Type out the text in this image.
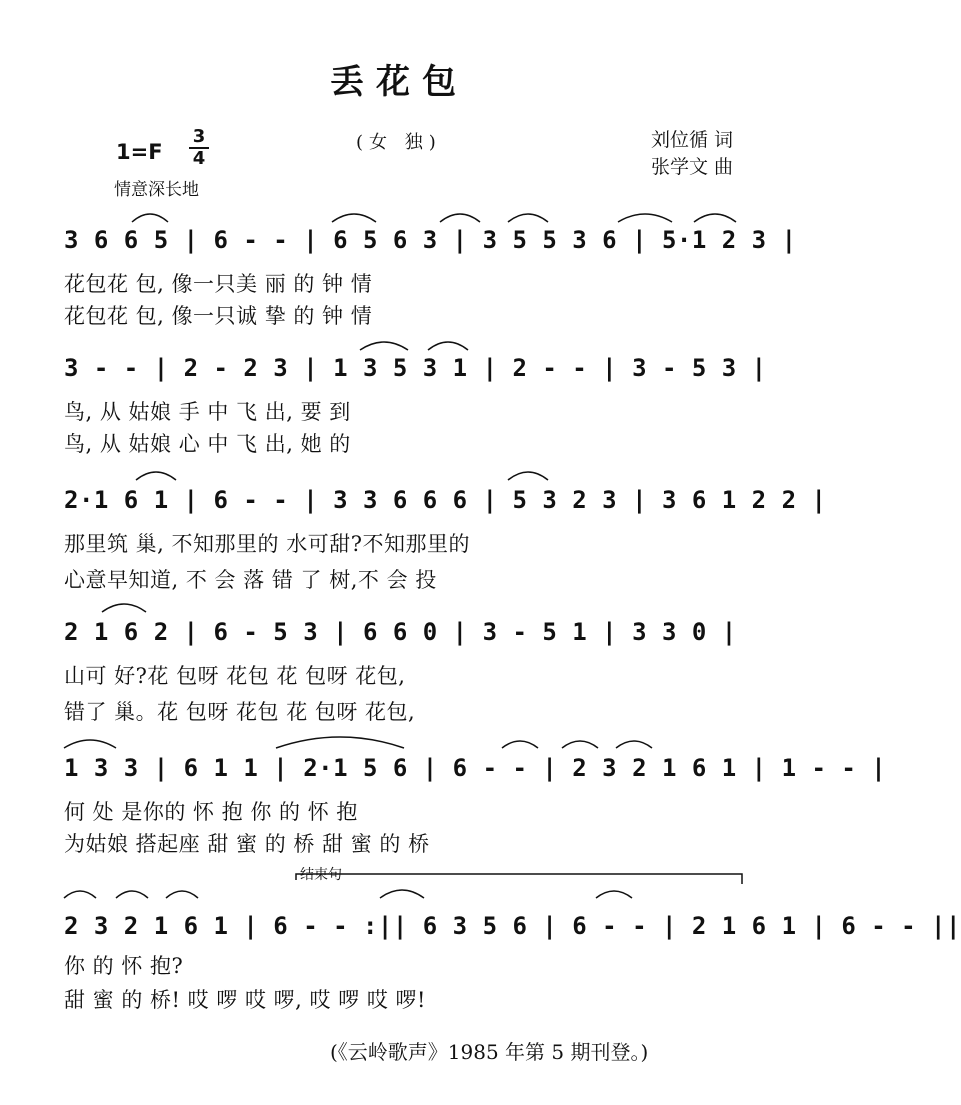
丢花包
(女 独)	刘位循 词
张学文 曲
1=F
3
4
情意深长地
3 6 6 5 | 6 - - | 6 5 6 3 | 3 5 5 3 6 | 5·1 2 3 |
花包花 包, 像一只美 丽 的 钟 情
花包花 包, 像一只诚 挚 的 钟 情
3 - - | 2 - 2 3 | 1 3 5 3 1 | 2 - - | 3 - 5 3 |
鸟, 从 姑娘 手 中 飞 出, 要 到
鸟, 从 姑娘 心 中 飞 出, 她 的
2·1 6 1 | 6 - - | 3 3 6 6 6 | 5 3 2 3 | 3 6 1 2 2 |
那里筑 巢, 不知那里的 水可甜?不知那里的
心意早知道, 不 会 落 错 了 树,不 会 投
2 1 6 2 | 6 - 5 3 | 6 6 0 | 3 - 5 1 | 3 3 0 |
山可 好?花 包呀 花包 花 包呀 花包,
错了 巢。花 包呀 花包 花 包呀 花包,
1 3 3 | 6 1 1 | 2·1 5 6 | 6 - - | 2 3 2 1 6 1 | 1 - - |
何 处 是你的 怀 抱 你 的 怀 抱
为姑娘 搭起座 甜 蜜 的 桥 甜 蜜 的 桥
结束句
2 3 2 1 6 1 | 6 - - :|| 6 3 5 6 | 6 - - | 2 1 6 1 | 6 - - ||
你 的 怀 抱?
甜 蜜 的 桥! 哎 啰 哎 啰, 哎 啰 哎 啰!
(《云岭歌声》1985 年第 5 期刊登。)
